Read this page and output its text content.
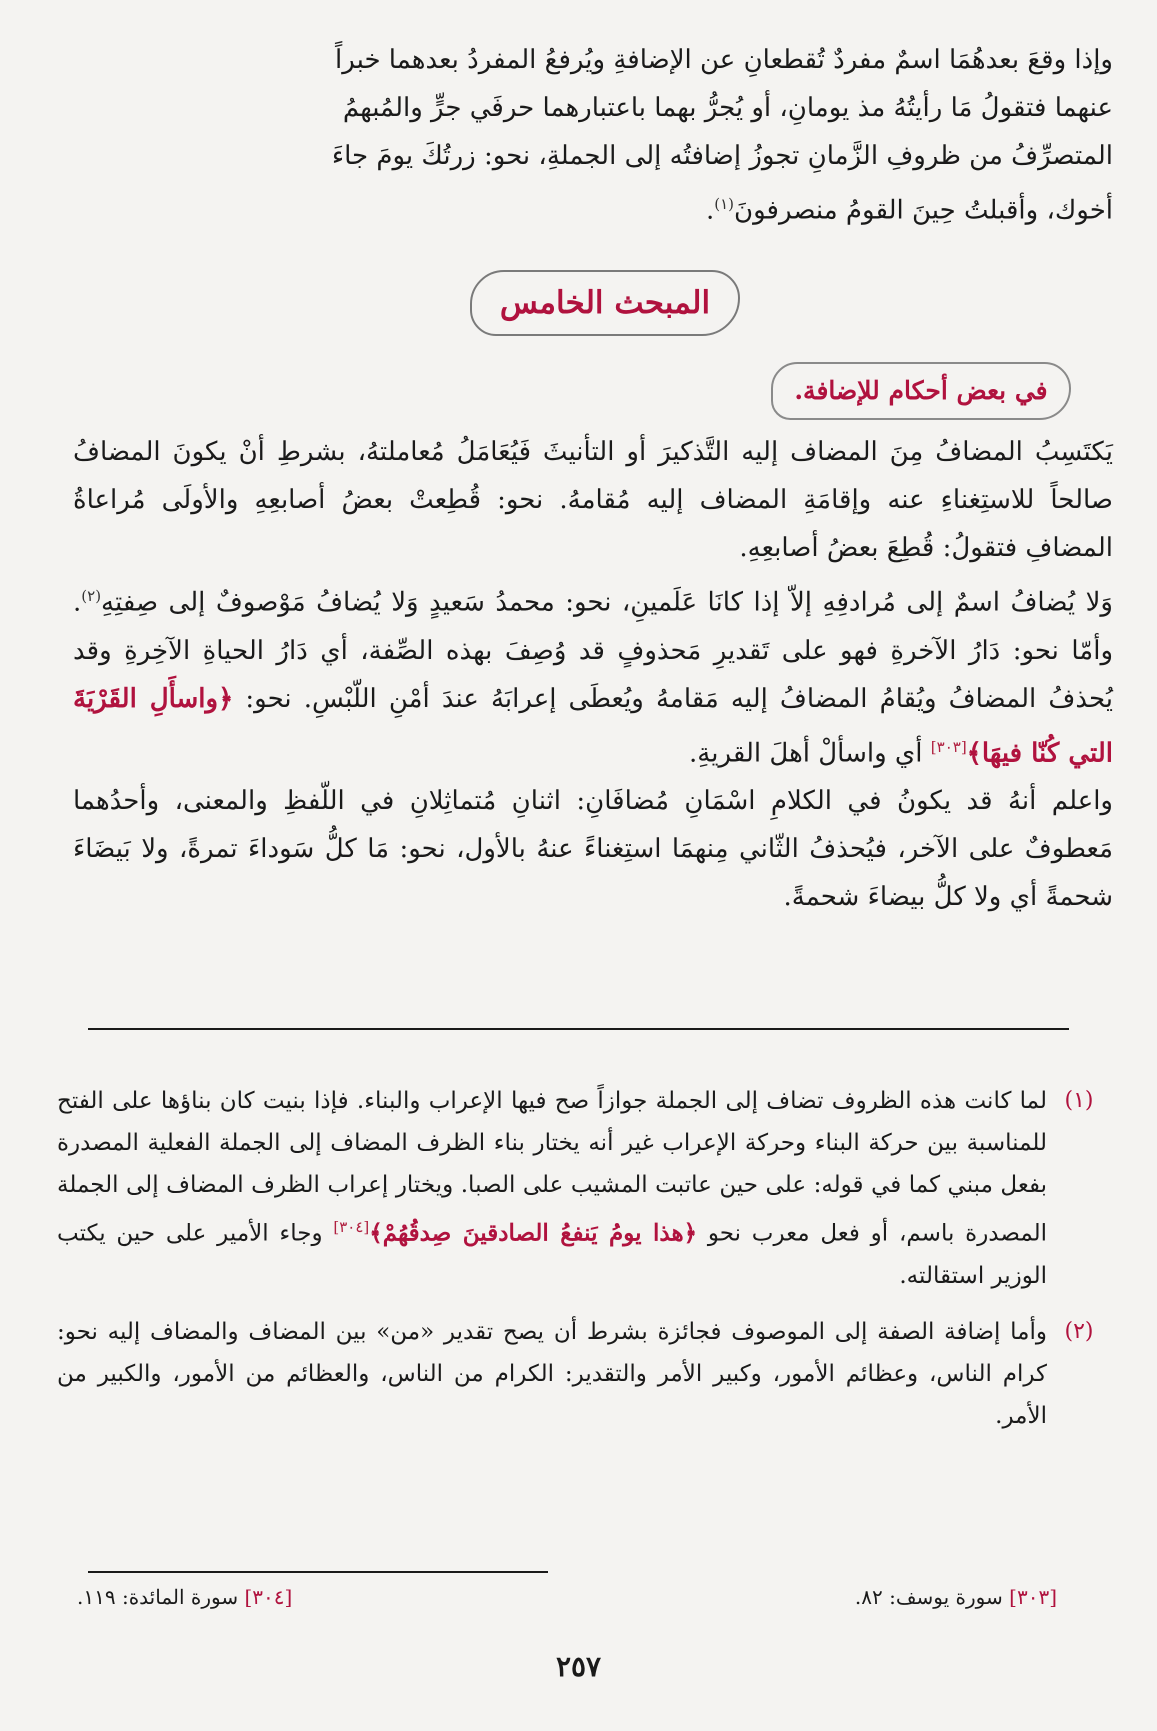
وإذا وقعَ بعدهُمَا اسمٌ مفردٌ تُقطعانِ عن الإضافةِ ويُرفعُ المفردُ بعدهما خبراً

عنهما فتقولُ مَا رأيتُهُ مذ يومانِ، أو يُجرُّ بهما باعتبارهما حرفَي جرٍّ والمُبهمُ

المتصرِّفُ من ظروفِ الزَّمانِ تجوزُ إضافتُه إلى الجملةِ، نحو: زرتُكَ يومَ جاءَ

أخوك، وأقبلتُ حِينَ القومُ منصرفونَ$^{(١)}$.

المبحث الخامس
في بعض أحكام للإضافة.

يَكتَسِبُ المضافُ مِنَ المضاف إليه التَّذكيرَ أو التأنيثَ فَيُعَامَلُ مُعاملتهُ، بشرطِ أنْ يكونَ المضافُ صالحاً للاستِغناءِ عنه وإقامَةِ المضاف إليه مُقامهُ. نحو: قُطِعتْ بعضُ أصابعِهِ والأولَى مُراعاةُ المضافِ فتقولُ: قُطِعَ بعضُ أصابعِهِ.

وَلا يُضافُ اسمٌ إلى مُرادفِهِ إلاّ إذا كانَا عَلَمينِ، نحو: محمدُ سَعيدٍ وَلا يُضافُ مَوْصوفٌ إلى صِفتِهِ$^{(٢)}$. وأمّا نحو: دَارُ الآخرةِ فهو على تَقديرِ مَحذوفٍ قد وُصِفَ بهذه الصِّفة، أي دَارُ الحياةِ الآخِرةِ وقد يُحذفُ المضافُ ويُقامُ المضافُ إليه مَقامهُ ويُعطَى إعرابَهُ عندَ أمْنِ اللّبْسِ. نحو: ﴿واسأَلِ القَرْيَةَ التي كُنّا فيهَا﴾[٣٠٣] أي واسألْ أهلَ القريةِ.

واعلم أنهُ قد يكونُ في الكلامِ اسْمَانِ مُضافَانِ: اثنانِ مُتماثِلانِ في اللّفظِ والمعنى، وأحدُهما مَعطوفٌ على الآخر، فيُحذفُ الثّاني مِنهمَا استِغناءً عنهُ بالأول، نحو: مَا كلُّ سَوداءَ تمرةً، ولا بَيضَاءَ شحمةً أي ولا كلُّ بيضاءَ شحمةً.

(١)
لما كانت هذه الظروف تضاف إلى الجملة جوازاً صح فيها الإعراب والبناء. فإذا بنيت كان بناؤها على الفتح للمناسبة بين حركة البناء وحركة الإعراب غير أنه يختار بناء الظرف المضاف إلى الجملة الفعلية المصدرة بفعل مبني كما في قوله: على حين عاتبت المشيب على الصبا. ويختار إعراب الظرف المضاف إلى الجملة المصدرة باسم، أو فعل معرب نحو ﴿هذا يومُ يَنفعُ الصادقينَ صِدقُهُمْ﴾[٣٠٤] وجاء الأمير على حين يكتب الوزير استقالته.
(٢)
وأما إضافة الصفة إلى الموصوف فجائزة بشرط أن يصح تقدير «من» بين المضاف والمضاف إليه نحو: كرام الناس، وعظائم الأمور، وكبير الأمر والتقدير: الكرام من الناس، والعظائم من الأمور، والكبير من الأمر.
[٣٠٣] سورة يوسف: ٨٢.
[٣٠٤] سورة المائدة: ١١٩.
٢٥٧
